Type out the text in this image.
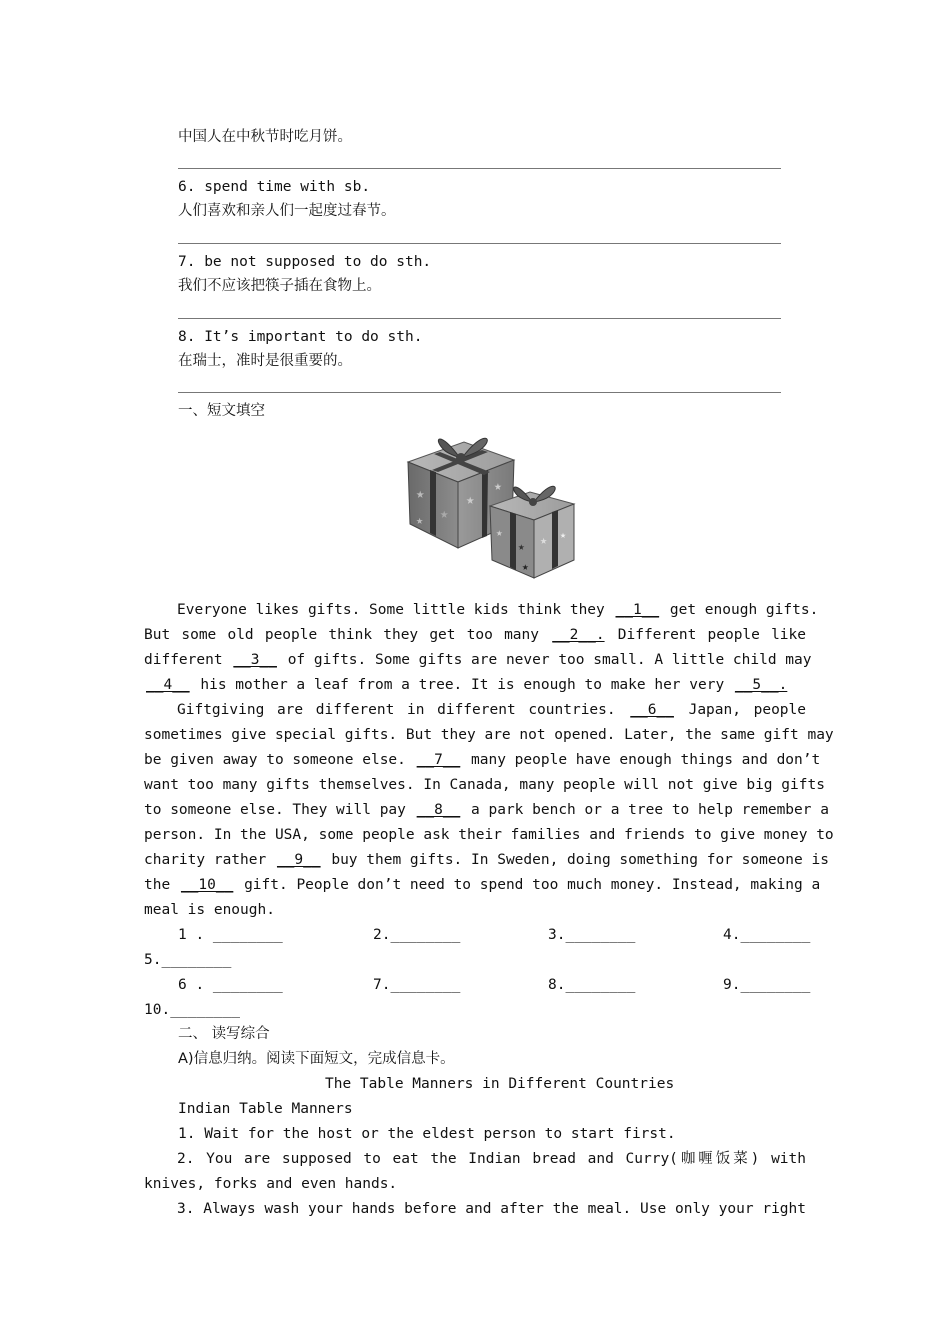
中国人在中秋节时吃月饼。
6. spend time with sb.
人们喜欢和亲人们一起度过春节。
7. be not supposed to do sth.
我们不应该把筷子插在食物上。
8. It’s important to do sth.
在瑞士，准时是很重要的。
一、短文填空
★
★
★
★
★
★
★
★
★ ★
Everyone likes gifts. Some little kids think they __1__ get enough gifts.
But some old people think they get too many __2__. Different people like
different __3__ of gifts. Some gifts are never too small. A little child may
__4__ his mother a leaf from a tree. It is enough to make her very __5__.
Giftgiving are different in different countries. __6__ Japan, people
sometimes give special gifts. But they are not opened. Later, the same gift may
be given away to someone else. __7__ many people have enough things and don’t
want too many gifts themselves. In Canada, many people will not give big gifts
to someone else. They will pay __8__ a park bench or a tree to help remember a
person. In the USA, some people ask their families and friends to give money to
charity rather __9__ buy them gifts. In Sweden, doing something for someone is
the __10__ gift. People don’t need to spend too much money. Instead, making a
meal is enough.
1 . ________	2.________	3.________	4.________
5.________
6 . ________	7.________	8.________	9.________
10.________
二、 读写综合
A)信息归纳。阅读下面短文，完成信息卡。
The Table Manners in Different Countries
Indian Table Manners
1. Wait for the host or the eldest person to start first.
2. You are supposed to eat the Indian bread and Curry(咖喱饭菜) with
knives, forks and even hands.
3. Always wash your hands before and after the meal. Use only your right
